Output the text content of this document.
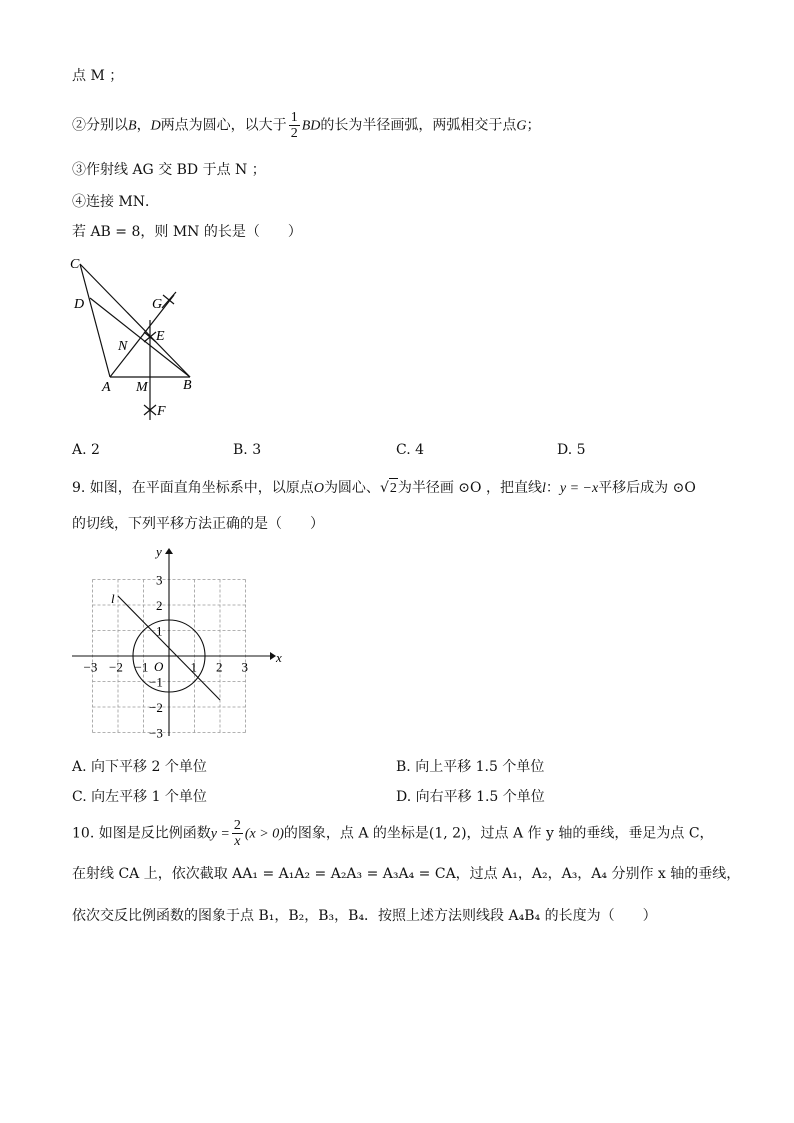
点 M ；
②分别以B，D两点为圆心，以大于 $\frac{1}{2}$ BD的长为半径画弧，两弧相交于点G；
③作射线 AG 交 BD 于点 N ；
④连接 MN．
若 AB = 8，则 MN 的长是（　　）
C
D	G
E
N
A M	B
F
A. 2	B. 3	C. 4	D. 5
9. 如图，在平面直角坐标系中，以原点O为圆心、√2为半径画 ⊙O ，把直线l：y = −x平移后成为 ⊙O
的切线，下列平移方法正确的是（　　）
−3 −2 −1	1 2 3
3
2
1
−1
−2
−3
x
y
O
l
A. 向下平移 2 个单位	B. 向上平移 1.5 个单位
C. 向左平移 1 个单位	D. 向右平移 1.5 个单位
10. 如图是反比例函数$y = \frac{2}{x} (x > 0)$的图象，点 A 的坐标是(1, 2)，过点 A 作 y 轴的垂线，垂足为点 C，
在射线 CA 上，依次截取 AA₁ = A₁A₂ = A₂A₃ = A₃A₄ = CA，过点 A₁，A₂，A₃，A₄ 分别作 x 轴的垂线，
依次交反比例函数的图象于点 B₁，B₂，B₃，B₄．按照上述方法则线段 A₄B₄ 的长度为（　　）
